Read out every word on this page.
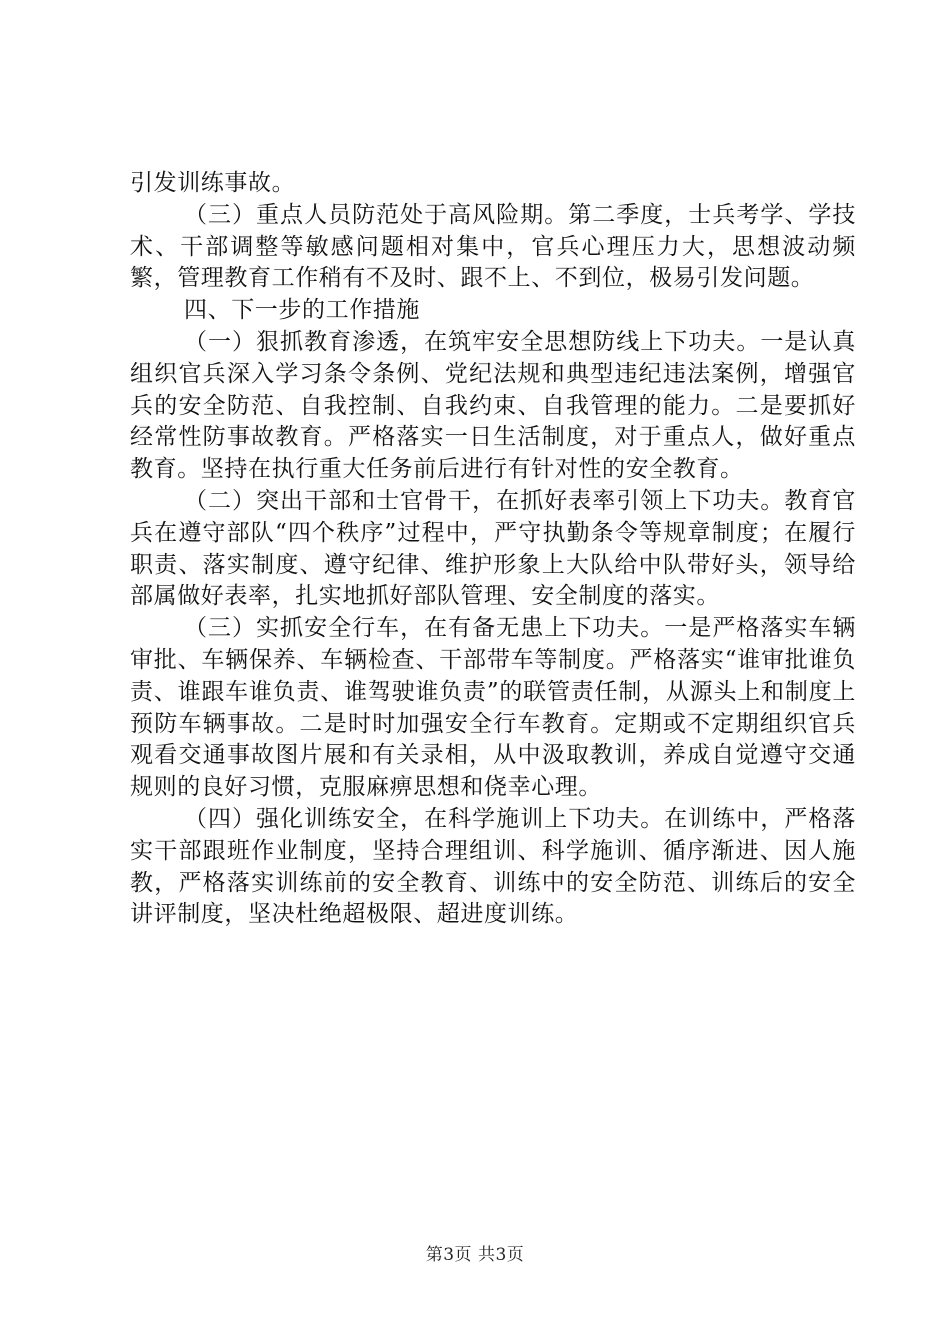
引发训练事故。

（三）重点人员防范处于高风险期。第二季度，士兵考学、学技术、干部调整等敏感问题相对集中，官兵心理压力大，思想波动频繁，管理教育工作稍有不及时、跟不上、不到位，极易引发问题。

四、下一步的工作措施

（一）狠抓教育渗透，在筑牢安全思想防线上下功夫。一是认真组织官兵深入学习条令条例、党纪法规和典型违纪违法案例，增强官兵的安全防范、自我控制、自我约束、自我管理的能力。二是要抓好经常性防事故教育。严格落实一日生活制度，对于重点人，做好重点教育。坚持在执行重大任务前后进行有针对性的安全教育。

（二）突出干部和士官骨干，在抓好表率引领上下功夫。教育官兵在遵守部队“四个秩序”过程中，严守执勤条令等规章制度；在履行职责、落实制度、遵守纪律、维护形象上大队给中队带好头，领导给部属做好表率，扎实地抓好部队管理、安全制度的落实。

（三）实抓安全行车，在有备无患上下功夫。一是严格落实车辆审批、车辆保养、车辆检查、干部带车等制度。严格落实“谁审批谁负责、谁跟车谁负责、谁驾驶谁负责”的联管责任制，从源头上和制度上预防车辆事故。二是时时加强安全行车教育。定期或不定期组织官兵观看交通事故图片展和有关录相，从中汲取教训，养成自觉遵守交通规则的良好习惯，克服麻痹思想和侥幸心理。

（四）强化训练安全，在科学施训上下功夫。在训练中，严格落实干部跟班作业制度，坚持合理组训、科学施训、循序渐进、因人施教，严格落实训练前的安全教育、训练中的安全防范、训练后的安全讲评制度，坚决杜绝超极限、超进度训练。

第3页 共3页
